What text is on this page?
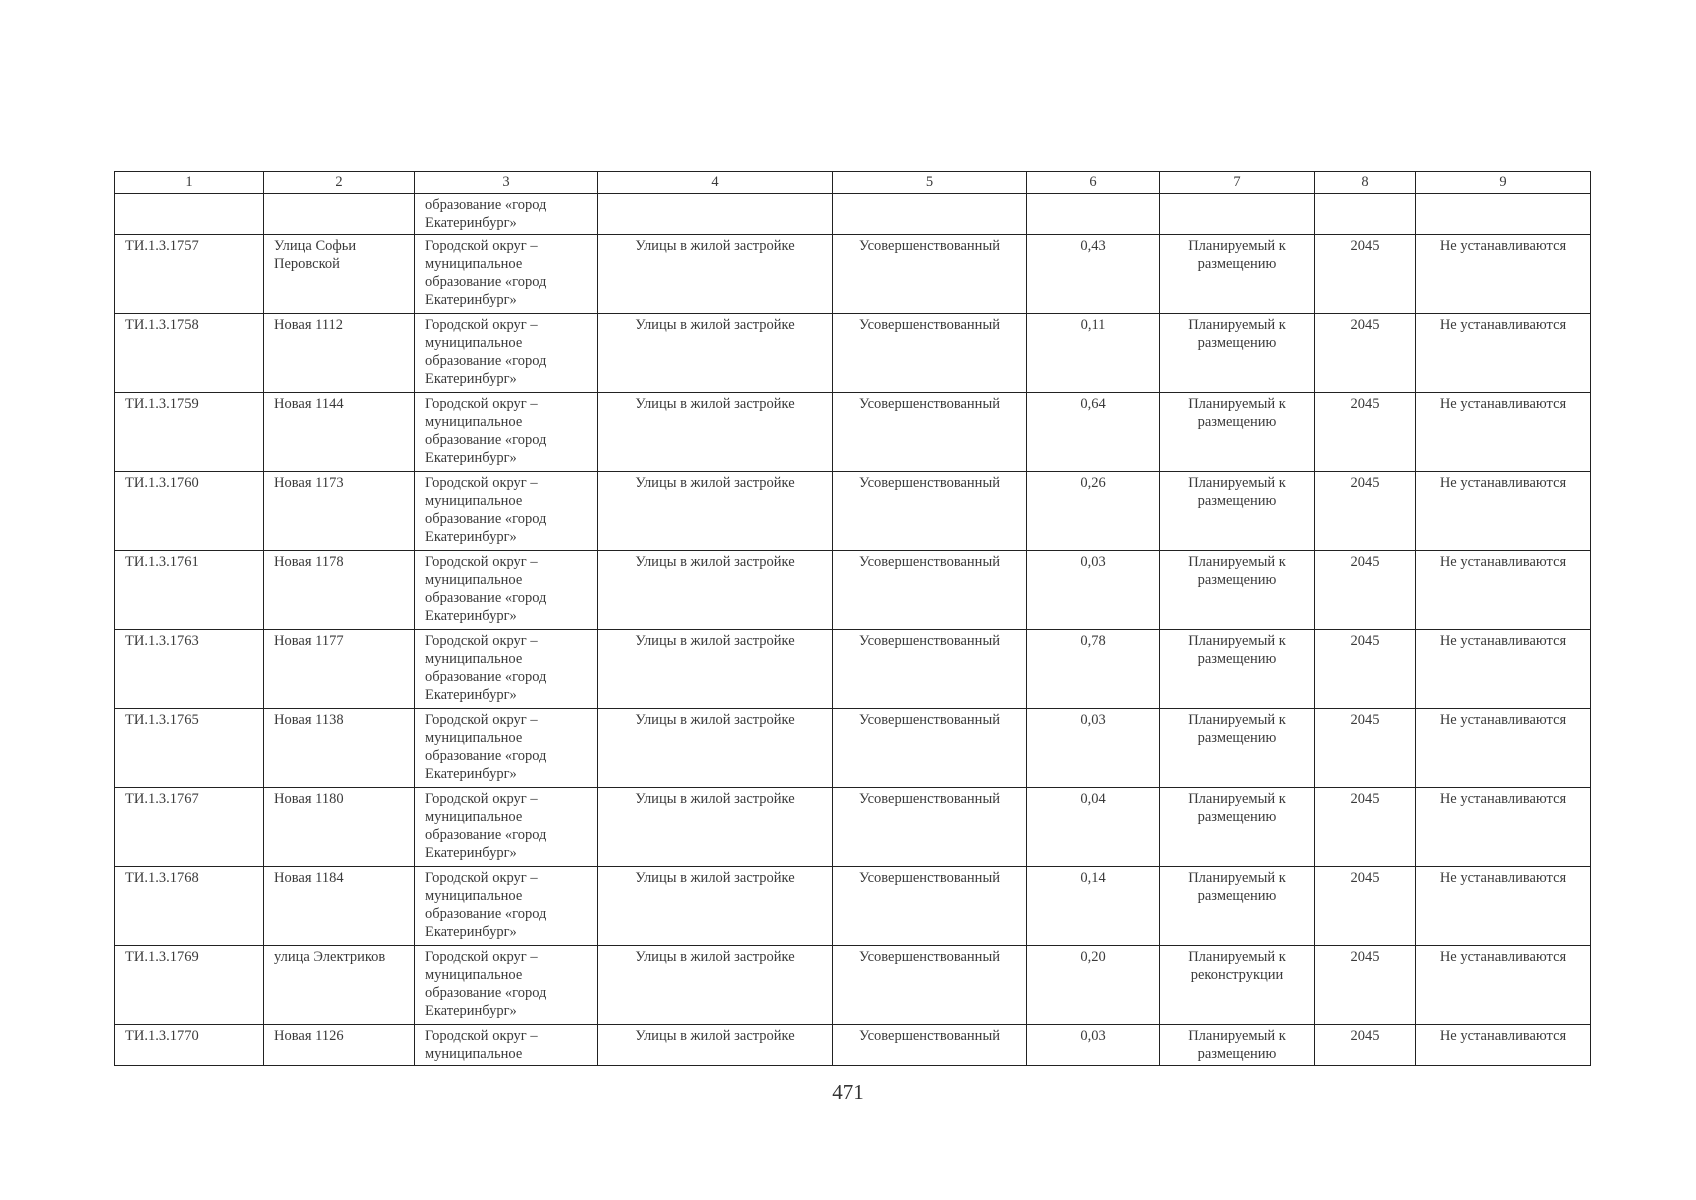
1	2	3	4	5	6	7	8	9
		образование «город Екатеринбург»						
ТИ.1.3.1757	Улица Софьи Перовской	Городской округ – муниципальное образование «город Екатеринбург»	Улицы в жилой застройке	Усовершенствованный	0,43	Планируемый к размещению	2045	Не устанавливаются
ТИ.1.3.1758	Новая 1112	Городской округ – муниципальное образование «город Екатеринбург»	Улицы в жилой застройке	Усовершенствованный	0,11	Планируемый к размещению	2045	Не устанавливаются
ТИ.1.3.1759	Новая 1144	Городской округ – муниципальное образование «город Екатеринбург»	Улицы в жилой застройке	Усовершенствованный	0,64	Планируемый к размещению	2045	Не устанавливаются
ТИ.1.3.1760	Новая 1173	Городской округ – муниципальное образование «город Екатеринбург»	Улицы в жилой застройке	Усовершенствованный	0,26	Планируемый к размещению	2045	Не устанавливаются
ТИ.1.3.1761	Новая 1178	Городской округ – муниципальное образование «город Екатеринбург»	Улицы в жилой застройке	Усовершенствованный	0,03	Планируемый к размещению	2045	Не устанавливаются
ТИ.1.3.1763	Новая 1177	Городской округ – муниципальное образование «город Екатеринбург»	Улицы в жилой застройке	Усовершенствованный	0,78	Планируемый к размещению	2045	Не устанавливаются
ТИ.1.3.1765	Новая 1138	Городской округ – муниципальное образование «город Екатеринбург»	Улицы в жилой застройке	Усовершенствованный	0,03	Планируемый к размещению	2045	Не устанавливаются
ТИ.1.3.1767	Новая 1180	Городской округ – муниципальное образование «город Екатеринбург»	Улицы в жилой застройке	Усовершенствованный	0,04	Планируемый к размещению	2045	Не устанавливаются
ТИ.1.3.1768	Новая 1184	Городской округ – муниципальное образование «город Екатеринбург»	Улицы в жилой застройке	Усовершенствованный	0,14	Планируемый к размещению	2045	Не устанавливаются
ТИ.1.3.1769	улица Электриков	Городской округ – муниципальное образование «город Екатеринбург»	Улицы в жилой застройке	Усовершенствованный	0,20	Планируемый к реконструкции	2045	Не устанавливаются
ТИ.1.3.1770	Новая 1126	Городской округ – муниципальное	Улицы в жилой застройке	Усовершенствованный	0,03	Планируемый к размещению	2045	Не устанавливаются
471
